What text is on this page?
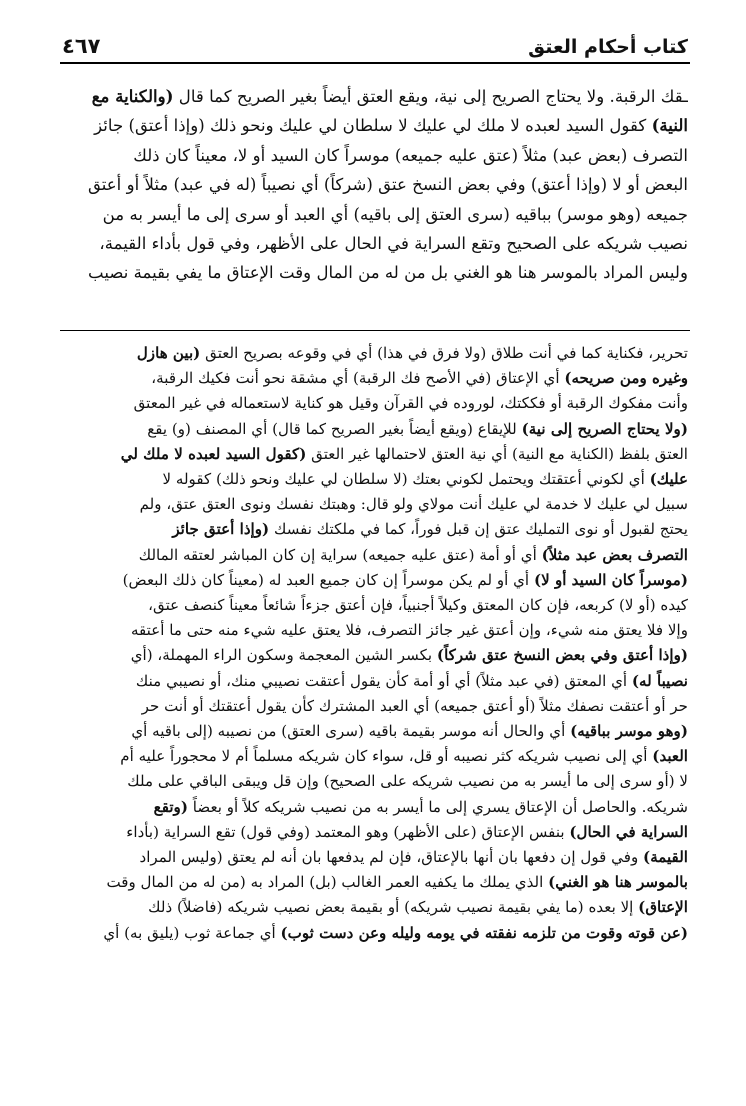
كتاب أحكام العتق
٤٦٧

ـقك الرقبة. ولا يحتاج الصريح إلى نية، ويقع العتق أيضاً بغير الصريح كما قال (والكناية مع

النية) كقول السيد لعبده لا ملك لي عليك لا سلطان لي عليك ونحو ذلك (وإذا أعتق) جائز

التصرف (بعض عبد) مثلاً (عتق عليه جميعه) موسراً كان السيد أو لا، معيناً كان ذلك

البعض أو لا (وإذا أعتق) وفي بعض النسخ عتق (شركاً) أي نصيباً (له في عبد) مثلاً أو أعتق

جميعه (وهو موسر) بباقيه (سرى العتق إلى باقيه) أي العبد أو سرى إلى ما أيسر به من

نصيب شريكه على الصحيح وتقع السراية في الحال على الأظهر، وفي قول بأداء القيمة،

وليس المراد بالموسر هنا هو الغني بل من له من المال وقت الإعتاق ما يفي بقيمة نصيب

تحرير، فكناية كما في أنت طلاق (ولا فرق في هذا) أي في وقوعه بصريح العتق (بين هازل

وغيره ومن صريحه) أي الإعتاق (في الأصح فك الرقبة) أي مشقة نحو أنت فكيك الرقبة،

وأنت مفكوك الرقبة أو فككتك، لوروده في القرآن وقيل هو كناية لاستعماله في غير المعتق

(ولا يحتاج الصريح إلى نية) للإيقاع (ويقع أيضاً بغير الصريح كما قال) أي المصنف (و) يقع

العتق بلفظ (الكناية مع النية) أي نية العتق لاحتمالها غير العتق (كقول السيد لعبده لا ملك لي

عليك) أي لكوني أعتقتك ويحتمل لكوني بعتك (لا سلطان لي عليك ونحو ذلك) كقوله لا

سبيل لي عليك لا خدمة لي عليك أنت مولاي ولو قال: وهبتك نفسك ونوى العتق عتق، ولم

يحتج لقبول أو نوى التمليك عتق إن قبل فوراً، كما في ملكتك نفسك (وإذا أعتق جائز

التصرف بعض عبد مثلاً) أي أو أمة (عتق عليه جميعه) سراية إن كان المباشر لعتقه المالك

(موسراً كان السيد أو لا) أي أو لم يكن موسراً إن كان جميع العبد له (معيناً كان ذلك البعض)

كيده (أو لا) كربعه، فإن كان المعتق وكيلاً أجنبياً، فإن أعتق جزءاً شائعاً معيناً كنصف عتق،

وإلا فلا يعتق منه شيء، وإن أعتق غير جائز التصرف، فلا يعتق عليه شيء منه حتى ما أعتقه

(وإذا أعتق وفي بعض النسخ عتق شركاً) بكسر الشين المعجمة وسكون الراء المهملة، (أي

نصيباً له) أي المعتق (في عبد مثلاً) أي أو أمة كأن يقول أعتقت نصيبي منك، أو نصيبي منك

حر أو أعتقت نصفك مثلاً (أو أعتق جميعه) أي العبد المشترك كأن يقول أعتقتك أو أنت حر

(وهو موسر بباقيه) أي والحال أنه موسر بقيمة باقيه (سرى العتق) من نصيبه (إلى باقيه أي

العبد) أي إلى نصيب شريكه كثر نصيبه أو قل، سواء كان شريكه مسلماً أم لا محجوراً عليه أم

لا (أو سرى إلى ما أيسر به من نصيب شريكه على الصحيح) وإن قل ويبقى الباقي على ملك

شريكه. والحاصل أن الإعتاق يسري إلى ما أيسر به من نصيب شريكه كلاً أو بعضاً (وتقع

السراية في الحال) بنفس الإعتاق (على الأظهر) وهو المعتمد (وفي قول) تقع السراية (بأداء

القيمة) وفي قول إن دفعها بان أنها بالإعتاق، فإن لم يدفعها بان أنه لم يعتق (وليس المراد

بالموسر هنا هو الغني) الذي يملك ما يكفيه العمر الغالب (بل) المراد به (من له من المال وقت

الإعتاق) إلا بعده (ما يفي بقيمة نصيب شريكه) أو بقيمة بعض نصيب شريكه (فاضلاً) ذلك

(عن قوته وقوت من تلزمه نفقته في يومه وليله وعن دست ثوب) أي جماعة ثوب (يليق به) أي
